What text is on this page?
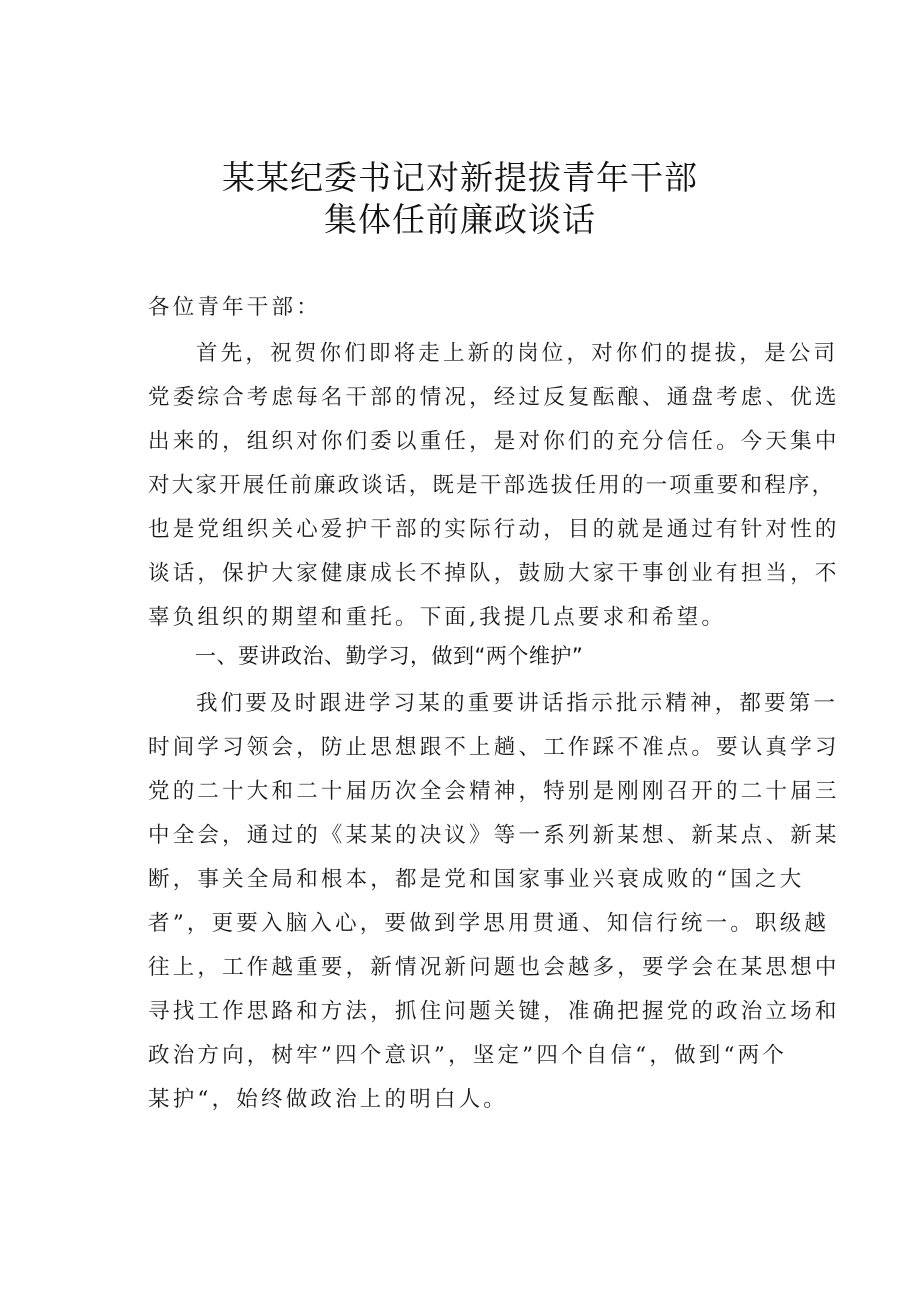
某某纪委书记对新提拔青年干部
集体任前廉政谈话
各位青年干部：
首先，祝贺你们即将走上新的岗位，对你们的提拔，是公司
党委综合考虑每名干部的情况，经过反复酝酿、通盘考虑、优选
出来的，组织对你们委以重任，是对你们的充分信任。今天集中
对大家开展任前廉政谈话，既是干部选拔任用的一项重要和程序，
也是党组织关心爱护干部的实际行动，目的就是通过有针对性的
谈话，保护大家健康成长不掉队，鼓励大家干事创业有担当，不
辜负组织的期望和重托。下面,我提几点要求和希望。
一、要讲政治、勤学习，做到“两个维护”
我们要及时跟进学习某的重要讲话指示批示精神，都要第一
时间学习领会，防止思想跟不上趟、工作踩不准点。要认真学习
党的二十大和二十届历次全会精神，特别是刚刚召开的二十届三
中全会，通过的《某某的决议》等一系列新某想、新某点、新某
断，事关全局和根本，都是党和国家事业兴衰成败的“国之大
者”，更要入脑入心，要做到学思用贯通、知信行统一。职级越
往上，工作越重要，新情况新问题也会越多，要学会在某思想中
寻找工作思路和方法，抓住问题关键，准确把握党的政治立场和
政治方向，树牢”四个意识”，坚定”四个自信“，做到“两个
某护“，始终做政治上的明白人。
